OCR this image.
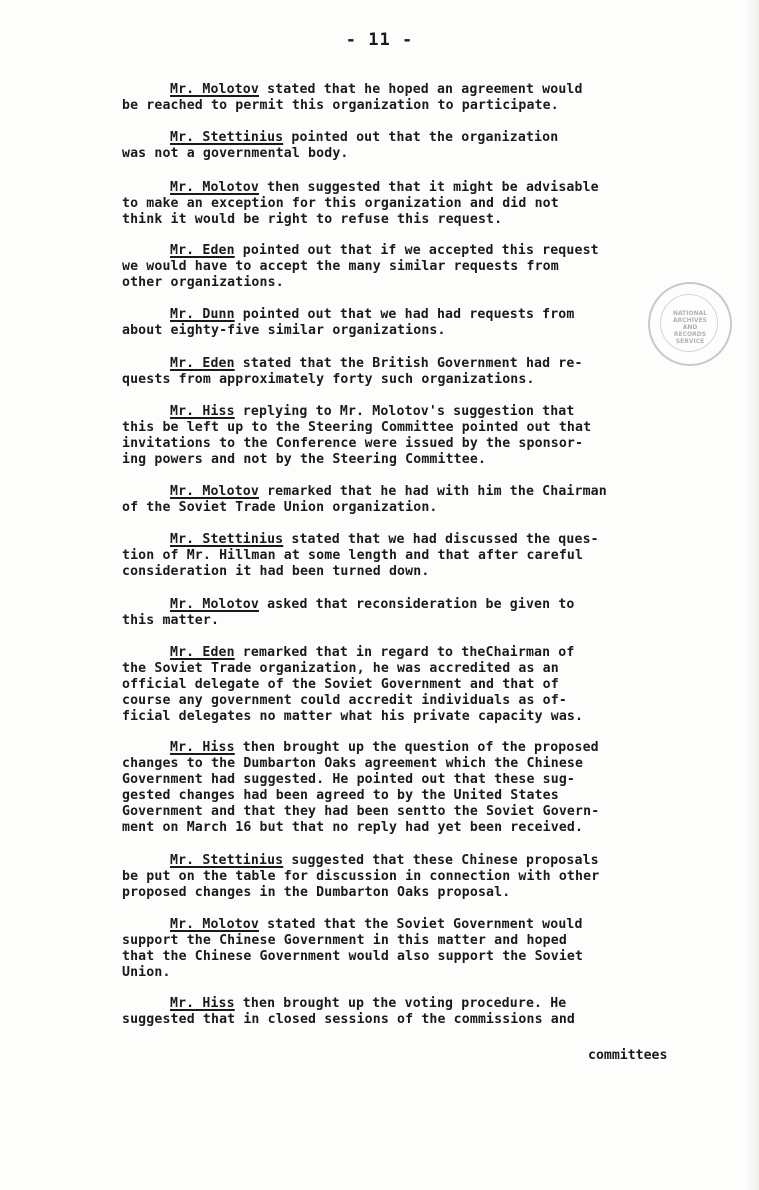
- 11 -
Mr. Molotov stated that he hoped an agreement would
be reached to permit this organization to participate.
Mr. Stettinius pointed out that the organization
was not a governmental body.
Mr. Molotov then suggested that it might be advisable
to make an exception for this organization and did not
think it would be right to refuse this request.
Mr. Eden pointed out that if we accepted this request
we would have to accept the many similar requests from
other organizations.
Mr. Dunn pointed out that we had had requests from
about eighty-five similar organizations.
Mr. Eden stated that the British Government had re-
quests from approximately forty such organizations.
Mr. Hiss replying to Mr. Molotov's suggestion that
this be left up to the Steering Committee pointed out that
invitations to the Conference were issued by the sponsor-
ing powers and not by the Steering Committee.
Mr. Molotov remarked that he had with him the Chairman
of the Soviet Trade Union organization.
Mr. Stettinius stated that we had discussed the ques-
tion of Mr. Hillman at some length and that after careful
consideration it had been turned down.
Mr. Molotov asked that reconsideration be given to
this matter.
Mr. Eden remarked that in regard to theChairman of
the Soviet Trade organization, he was accredited as an
official delegate of the Soviet Government and that of
course any government could accredit individuals as of-
ficial delegates no matter what his private capacity was.
Mr. Hiss then brought up the question of the proposed
changes to the Dumbarton Oaks agreement which the Chinese
Government had suggested. He pointed out that these sug-
gested changes had been agreed to by the United States
Government and that they had been sentto the Soviet Govern-
ment on March 16 but that no reply had yet been received.
Mr. Stettinius suggested that these Chinese proposals
be put on the table for discussion in connection with other
proposed changes in the Dumbarton Oaks proposal.
Mr. Molotov stated that the Soviet Government would
support the Chinese Government in this matter and hoped
that the Chinese Government would also support the Soviet
Union.
Mr. Hiss then brought up the voting procedure. He
suggested that in closed sessions of the commissions and
committees
NATIONAL ARCHIVES AND RECORDS SERVICE
